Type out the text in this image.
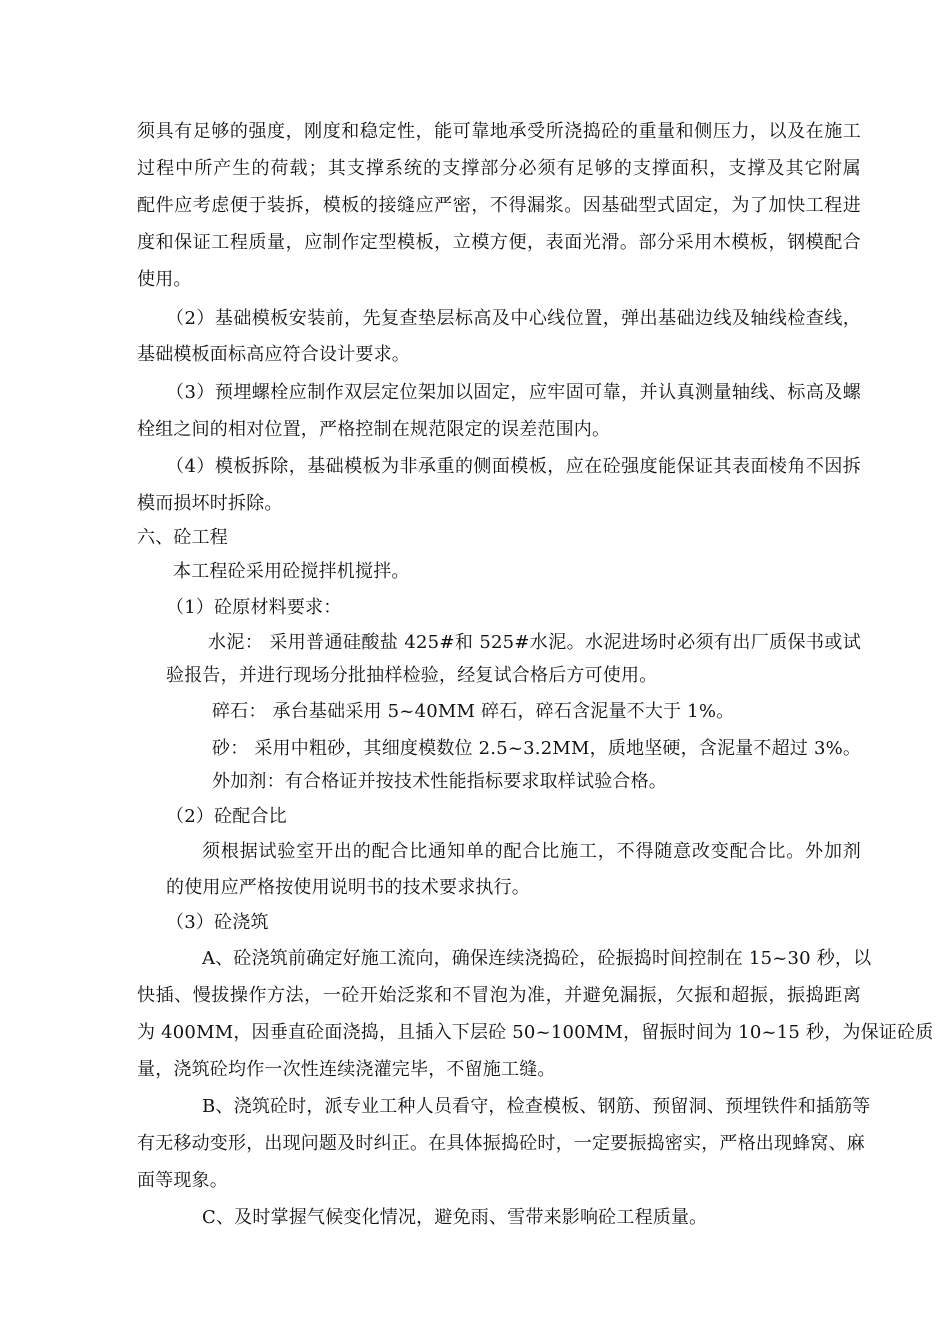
须具有足够的强度，刚度和稳定性，能可靠地承受所浇捣砼的重量和侧压力，以及在施工
过程中所产生的荷载；其支撑系统的支撑部分必须有足够的支撑面积，支撑及其它附属
配件应考虑便于装拆，模板的接缝应严密，不得漏浆。因基础型式固定，为了加快工程进
度和保证工程质量，应制作定型模板，立模方便，表面光滑。部分采用木模板，钢模配合
使用。
（2）基础模板安装前，先复查垫层标高及中心线位置，弹出基础边线及轴线检查线，
基础模板面标高应符合设计要求。
（3）预埋螺栓应制作双层定位架加以固定，应牢固可靠，并认真测量轴线、标高及螺
栓组之间的相对位置，严格控制在规范限定的误差范围内。
（4）模板拆除，基础模板为非承重的侧面模板，应在砼强度能保证其表面棱角不因拆
模而损坏时拆除。
六、砼工程
本工程砼采用砼搅拌机搅拌。
（1）砼原材料要求：
水泥： 采用普通硅酸盐 425#和 525#水泥。水泥进场时必须有出厂质保书或试
验报告，并进行现场分批抽样检验，经复试合格后方可使用。
碎石： 承台基础采用 5~40MM 碎石，碎石含泥量不大于 1%。
砂： 采用中粗砂，其细度模数位 2.5~3.2MM，质地坚硬，含泥量不超过 3%。
外加剂：有合格证并按技术性能指标要求取样试验合格。
（2）砼配合比
须根据试验室开出的配合比通知单的配合比施工，不得随意改变配合比。外加剂
的使用应严格按使用说明书的技术要求执行。
（3）砼浇筑
A、砼浇筑前确定好施工流向，确保连续浇捣砼，砼振捣时间控制在 15~30 秒，以
快插、慢拔操作方法，一砼开始泛浆和不冒泡为准，并避免漏振，欠振和超振，振捣距离
为 400MM，因垂直砼面浇捣，且插入下层砼 50~100MM，留振时间为 10~15 秒，为保证砼质
量，浇筑砼均作一次性连续浇灌完毕，不留施工缝。
B、浇筑砼时，派专业工种人员看守，检查模板、钢筋、预留洞、预埋铁件和插筋等
有无移动变形，出现问题及时纠正。在具体振捣砼时，一定要振捣密实，严格出现蜂窝、麻
面等现象。
C、及时掌握气候变化情况，避免雨、雪带来影响砼工程质量。
